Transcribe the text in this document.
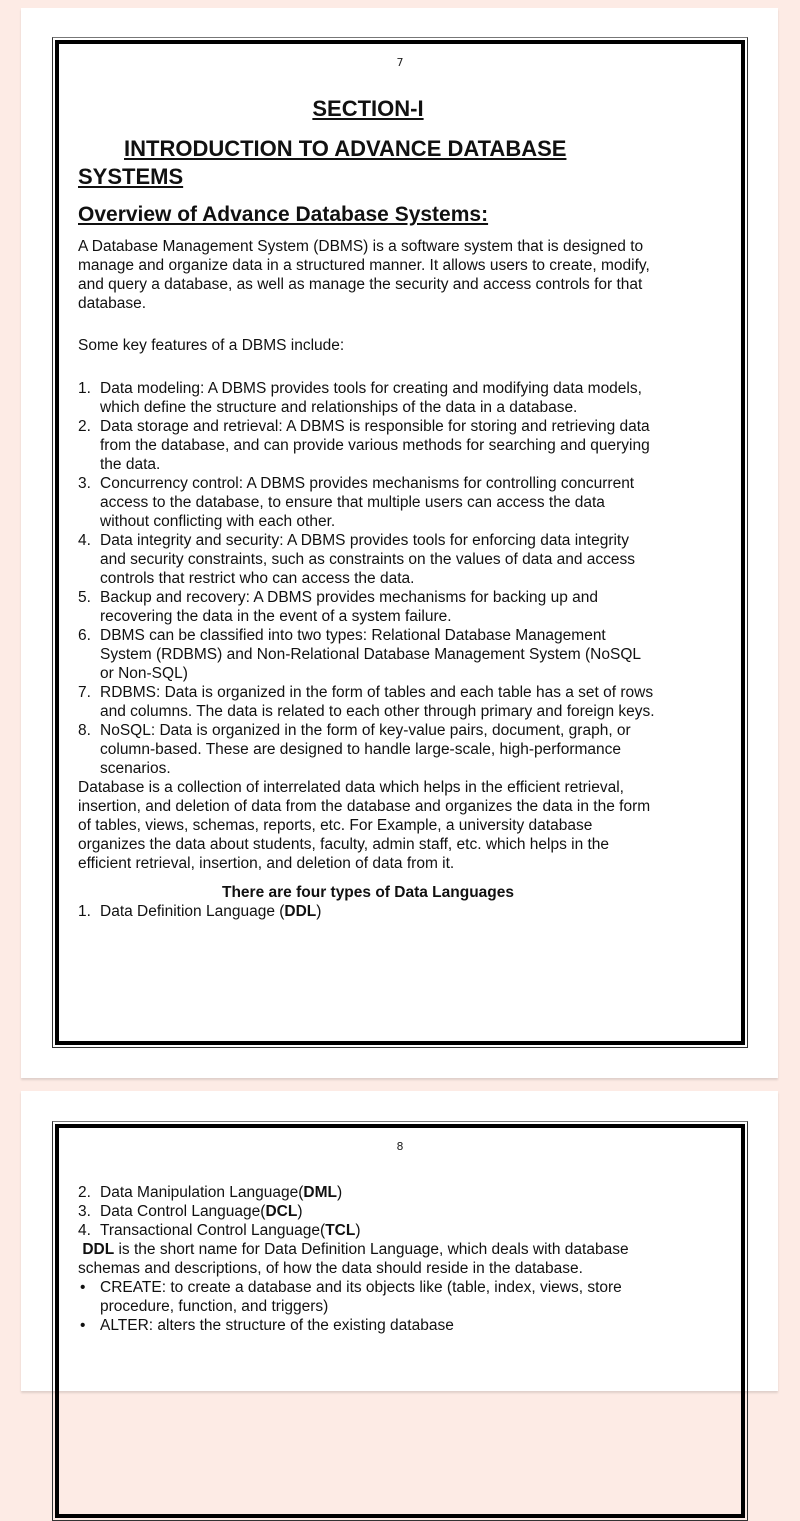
7
SECTION-I
INTRODUCTION TO ADVANCE DATABASE
SYSTEMS
Overview of Advance Database Systems:

A Database Management System (DBMS) is a software system that is designed to manage and organize data in a structured manner. It allows users to create, modify, and query a database, as well as manage the security and access controls for that database.

Some key features of a DBMS include:

1. Data modeling: A DBMS provides tools for creating and modifying data models, which define the structure and relationships of the data in a database.
2. Data storage and retrieval: A DBMS is responsible for storing and retrieving data from the database, and can provide various methods for searching and querying the data.
3. Concurrency control: A DBMS provides mechanisms for controlling concurrent access to the database, to ensure that multiple users can access the data without conflicting with each other.
4. Data integrity and security: A DBMS provides tools for enforcing data integrity and security constraints, such as constraints on the values of data and access controls that restrict who can access the data.
5. Backup and recovery: A DBMS provides mechanisms for backing up and recovering the data in the event of a system failure.
6. DBMS can be classified into two types: Relational Database Management System (RDBMS) and Non-Relational Database Management System (NoSQL or Non-SQL)
7. RDBMS: Data is organized in the form of tables and each table has a set of rows and columns. The data is related to each other through primary and foreign keys.
8. NoSQL: Data is organized in the form of key-value pairs, document, graph, or column-based. These are designed to handle large-scale, high-performance scenarios.

Database is a collection of interrelated data which helps in the efficient retrieval, insertion, and deletion of data from the database and organizes the data in the form of tables, views, schemas, reports, etc. For Example, a university database organizes the data about students, faculty, admin staff, etc. which helps in the efficient retrieval, insertion, and deletion of data from it.

There are four types of Data Languages
1. Data Definition Language (DDL)
8
2. Data Manipulation Language(DML)
3. Data Control Language(DCL)
4. Transactional Control Language(TCL)

DDL is the short name for Data Definition Language, which deals with database schemas and descriptions, of how the data should reside in the database.

• CREATE: to create a database and its objects like (table, index, views, store procedure, function, and triggers)
• ALTER: alters the structure of the existing database
